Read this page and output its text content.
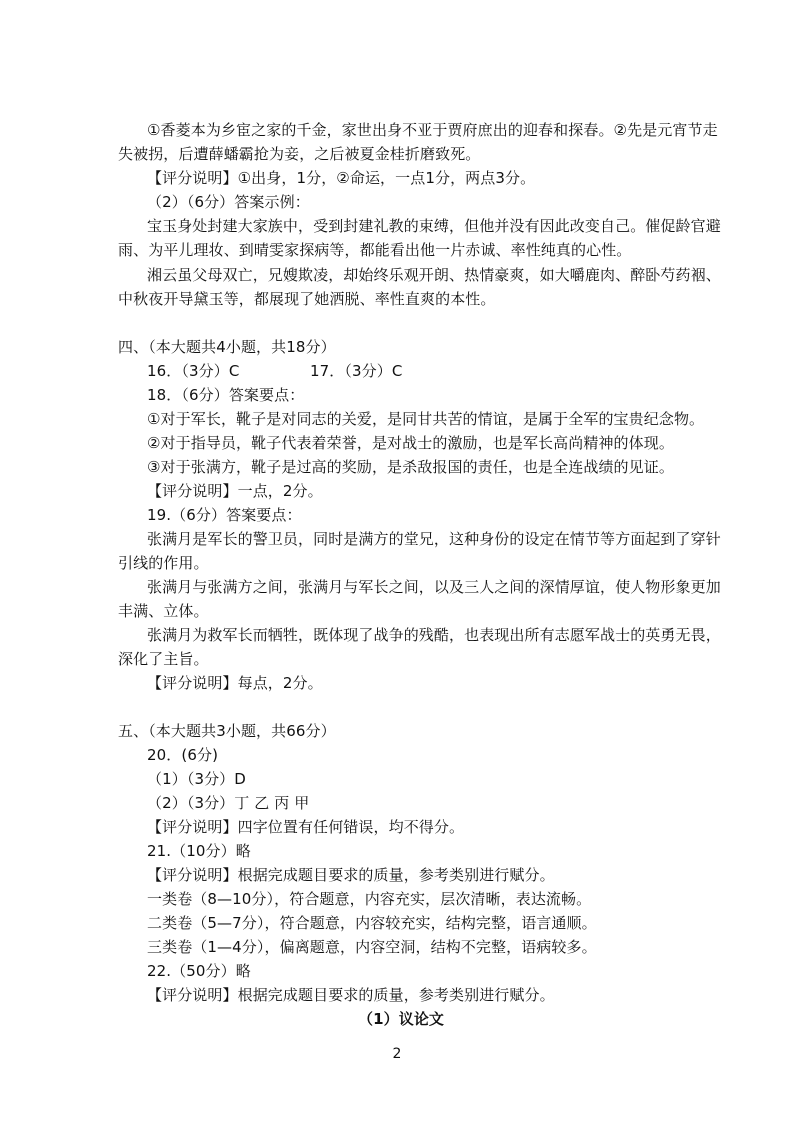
①香菱本为乡宦之家的千金，家世出身不亚于贾府庶出的迎春和探春。②先是元宵节走
失被拐，后遭薛蟠霸抢为妾，之后被夏金桂折磨致死。
【评分说明】①出身，1分，②命运，一点1分，两点3分。
（2）（6分）答案示例：
宝玉身处封建大家族中，受到封建礼教的束缚，但他并没有因此改变自己。催促龄官避
雨、为平儿理妆、到晴雯家探病等，都能看出他一片赤诚、率性纯真的心性。
湘云虽父母双亡，兄嫂欺凌，却始终乐观开朗、热情豪爽，如大嚼鹿肉、醉卧芍药裀、
中秋夜开导黛玉等，都展现了她洒脱、率性直爽的本性。
四、（本大题共4小题，共18分）
16．（3分）C	17．（3分）C
18．（6分）答案要点：
①对于军长，靴子是对同志的关爱，是同甘共苦的情谊，是属于全军的宝贵纪念物。
②对于指导员，靴子代表着荣誉，是对战士的激励，也是军长高尚精神的体现。
③对于张满方，靴子是过高的奖励，是杀敌报国的责任，也是全连战绩的见证。
【评分说明】一点，2分。
19.（6分）答案要点：
张满月是军长的警卫员，同时是满方的堂兄，这种身份的设定在情节等方面起到了穿针
引线的作用。
张满月与张满方之间，张满月与军长之间，以及三人之间的深情厚谊，使人物形象更加
丰满、立体。
张满月为救军长而牺牲，既体现了战争的残酷，也表现出所有志愿军战士的英勇无畏，
深化了主旨。
【评分说明】每点，2分。
五、（本大题共3小题，共66分）
20．(6分)
（1）（3分）D
（2）（3分）丁 乙 丙 甲
【评分说明】四字位置有任何错误，均不得分。
21.（10分）略
【评分说明】根据完成题目要求的质量，参考类别进行赋分。
一类卷（8—10分），符合题意，内容充实，层次清晰，表达流畅。
二类卷（5—7分），符合题意，内容较充实，结构完整，语言通顺。
三类卷（1—4分），偏离题意，内容空洞，结构不完整，语病较多。
22.（50分）略
【评分说明】根据完成题目要求的质量，参考类别进行赋分。
（1）议论文
2
